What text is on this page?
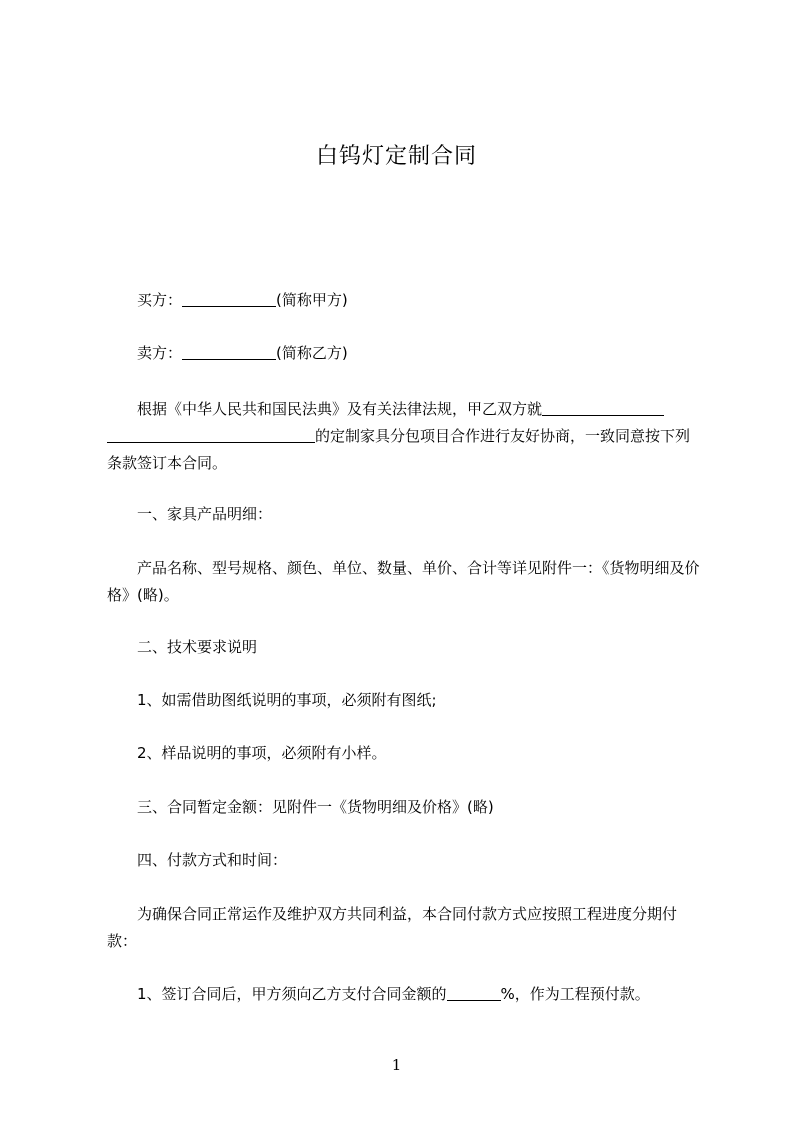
白钨灯定制合同
买方：	(简称甲方)
卖方：	(简称乙方)
根据《中华人民共和国民法典》及有关法律法规，甲乙双方就的定制家具分包项目合作进行友好协商，一致同意按下列条款签订本合同。
一、家具产品明细：
产品名称、型号规格、颜色、单位、数量、单价、合计等详见附件一：《货物明细及价格》(略)。
二、技术要求说明
1、如需借助图纸说明的事项，必须附有图纸;
2、样品说明的事项，必须附有小样。
三、合同暂定金额：见附件一《货物明细及价格》(略)
四、付款方式和时间：
为确保合同正常运作及维护双方共同利益，本合同付款方式应按照工程进度分期付款：
1、签订合同后，甲方须向乙方支付合同金额的	%，作为工程预付款。
1
